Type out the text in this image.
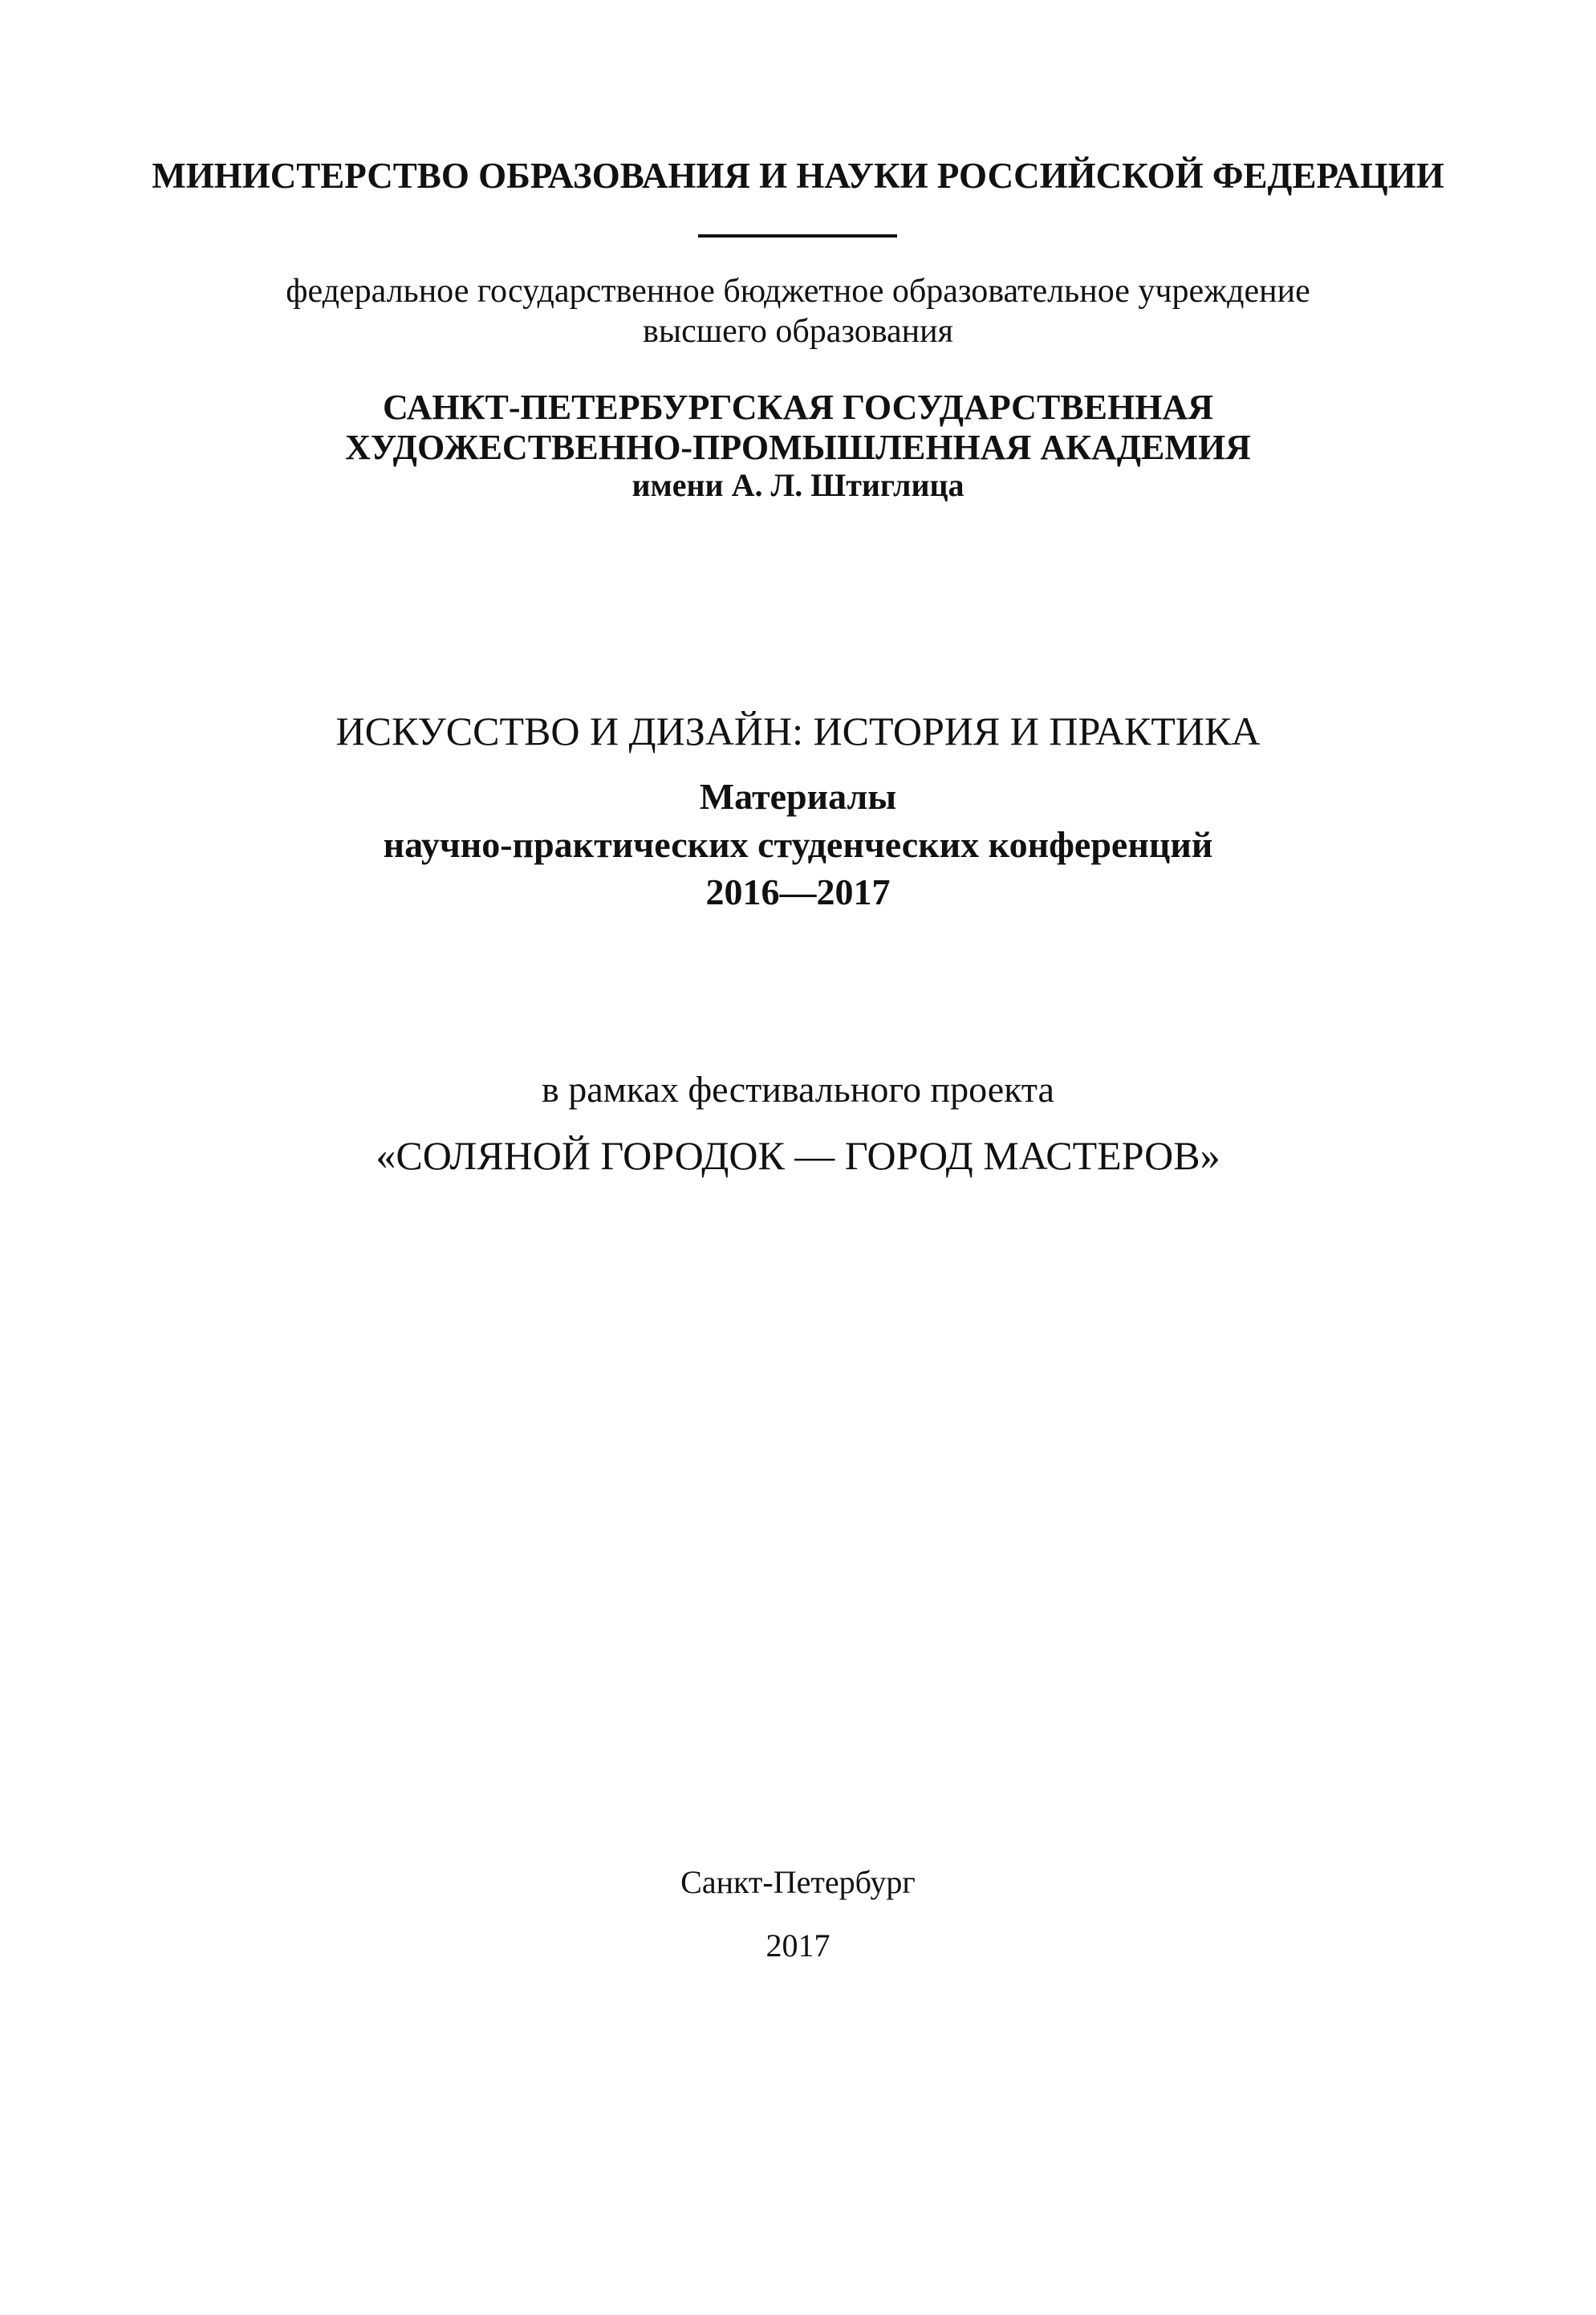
МИНИСТЕРСТВО ОБРАЗОВАНИЯ И НАУКИ РОССИЙСКОЙ ФЕДЕРАЦИИ
федеральное государственное бюджетное образовательное учреждение
высшего образования
САНКТ-ПЕТЕРБУРГСКАЯ ГОСУДАРСТВЕННАЯ
ХУДОЖЕСТВЕННО-ПРОМЫШЛЕННАЯ АКАДЕМИЯ
имени А. Л. Штиглица
ИСКУССТВО И ДИЗАЙН: ИСТОРИЯ И ПРАКТИКА
Материалы
научно-практических студенческих конференций
2016—2017
в рамках фестивального проекта
«СОЛЯНОЙ ГОРОДОК — ГОРОД МАСТЕРОВ»
Санкт-Петербург
2017
